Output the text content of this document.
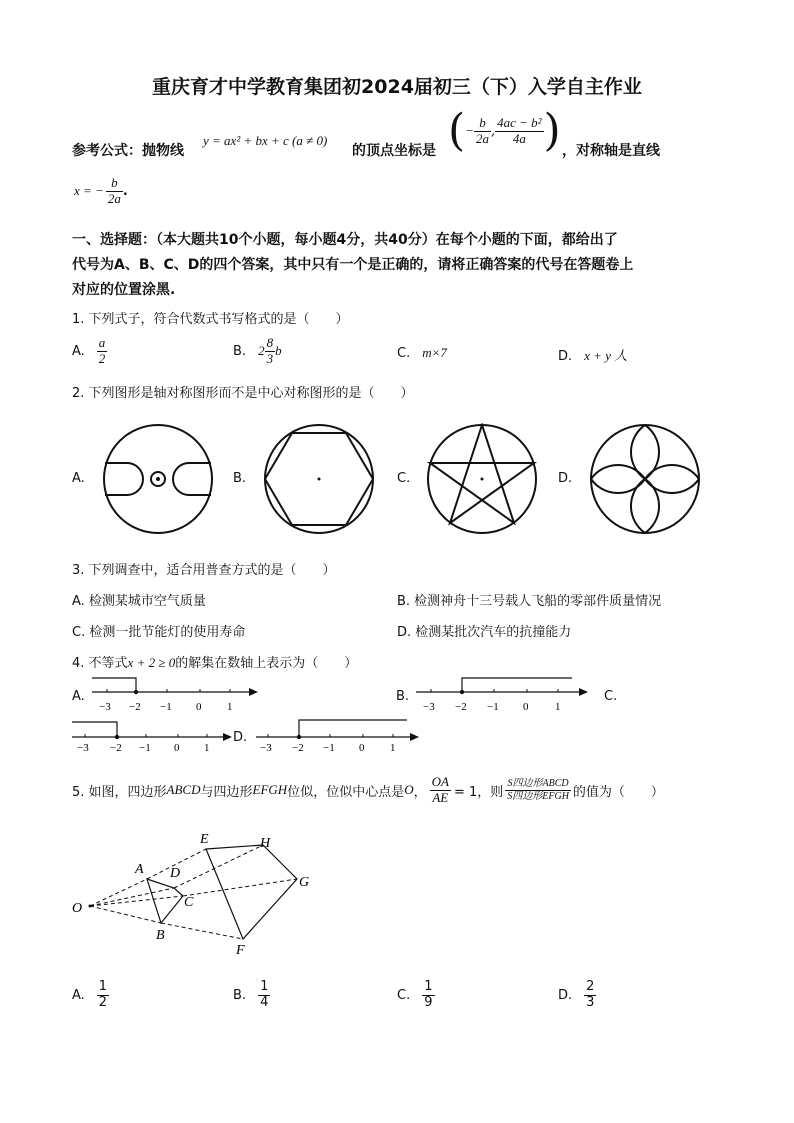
重庆育才中学教育集团初2024届初三（下）入学自主作业
参考公式：抛物线
y = ax² + bx + c (a ≠ 0)
的顶点坐标是 ( − $\frac{b}{2a}$ , $\frac{\text{4ac − b²}}{4a}$ ) ，对称轴是直线
x = − $\frac{b}{2a}$ .
一、选择题：（本大题共10个小题，每小题4分，共40分）在每个小题的下面，都给出了
代号为A、B、C、D的四个答案，其中只有一个是正确的，请将正确答案的代号在答题卷上
对应的位置涂黑.
1. 下列式子，符合代数式书写格式的是（　　）
A. $\frac{a}{2}$	B. $2 \frac{8}{3}$ b	C. m×7	D. x + y 人
2. 下列图形是轴对称图形而不是中心对称图形的是（　　）
A.	B.	C.	D.
3. 下列调查中，适合用普查方式的是（　　）
A. 检测某城市空气质量	B. 检测神舟十三号载人飞船的零部件质量情况
C. 检测一批节能灯的使用寿命	D. 检测某批次汽车的抗撞能力
4. 不等式x + 2 ≥ 0的解集在数轴上表示为（　　）
A.
−3 −2 −1 0 1
B.
−3 −2 −1 0 1
C.
−3 −2 −1 0 1
D.
−3 −2 −1 0 1
5. 如图，四边形 ABCD 与四边形 EFGH 位似，位似中心点是 O ， $\frac{OA}{AE} = 1$，则 $\frac{\text{S四边形ABCD}}{\text{S四边形EFGH}}$ 的值为（　　）
O
A
B
C
D
E
F
G
H
A. $\frac{1}{2}$	B. $\frac{1}{4}$	C. $\frac{1}{9}$	D. $\frac{2}{3}$
